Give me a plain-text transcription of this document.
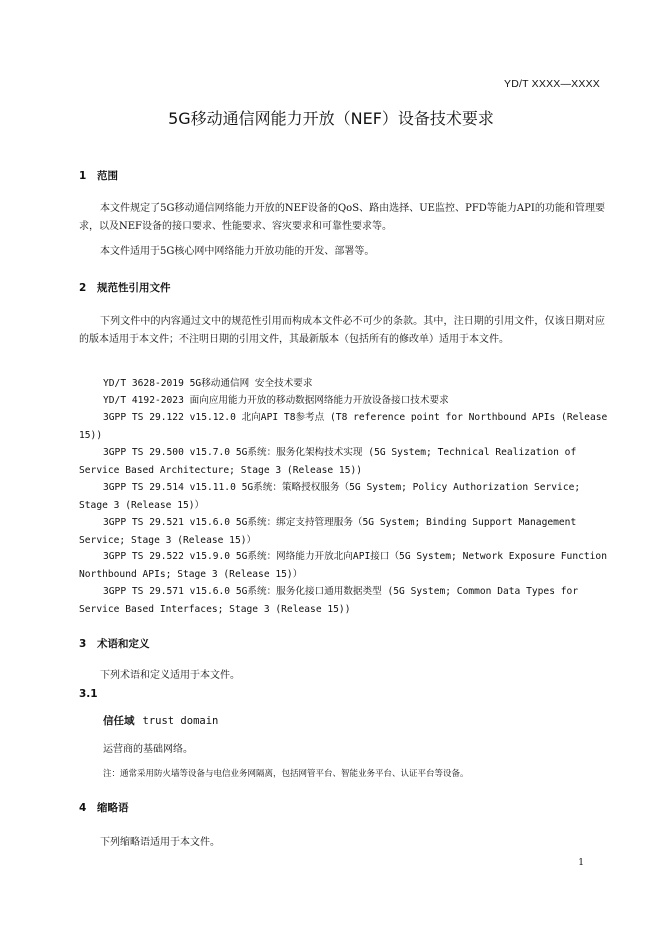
YD/T XXXX—XXXX
5G移动通信网能力开放（NEF）设备技术要求
1 范围
本文件规定了5G移动通信网络能力开放的NEF设备的QoS、路由选择、UE监控、PFD等能力API的功能和管理要求，以及NEF设备的接口要求、性能要求、容灾要求和可靠性要求等。
本文件适用于5G核心网中网络能力开放功能的开发、部署等。
2 规范性引用文件
下列文件中的内容通过文中的规范性引用而构成本文件必不可少的条款。其中，注日期的引用文件，仅该日期对应的版本适用于本文件；不注明日期的引用文件，其最新版本（包括所有的修改单）适用于本文件。
YD/T 3628-2019 5G移动通信网 安全技术要求
YD/T 4192-2023 面向应用能力开放的移动数据网络能力开放设备接口技术要求
3GPP TS 29.122 v15.12.0 北向API T8参考点 (T8 reference point for Northbound APIs (Release 15))
3GPP TS 29.500 v15.7.0 5G系统：服务化架构技术实现 (5G System; Technical Realization of Service Based Architecture; Stage 3 (Release 15))
3GPP TS 29.514 v15.11.0 5G系统：策略授权服务（5G System; Policy Authorization Service; Stage 3 (Release 15)）
3GPP TS 29.521 v15.6.0 5G系统：绑定支持管理服务（5G System; Binding Support Management Service; Stage 3 (Release 15)）
3GPP TS 29.522 v15.9.0 5G系统：网络能力开放北向API接口（5G System; Network Exposure Function Northbound APIs; Stage 3 (Release 15)）
3GPP TS 29.571 v15.6.0 5G系统：服务化接口通用数据类型 (5G System; Common Data Types for Service Based Interfaces; Stage 3 (Release 15))
3 术语和定义
下列术语和定义适用于本文件。
3.1
信任域 trust domain
运营商的基础网络。
注：通常采用防火墙等设备与电信业务网隔离，包括网管平台、智能业务平台、认证平台等设备。
4 缩略语
下列缩略语适用于本文件。
1
